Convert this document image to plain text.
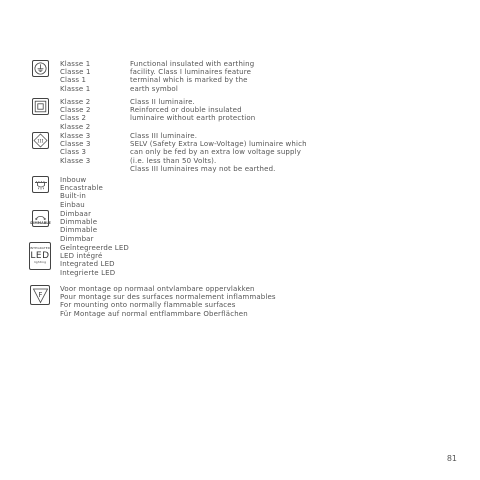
Klasse 1
Classe 1
Class 1
Klasse 1
Functional insulated with earthing
facility. Class I luminaires feature
terminal which is marked by the
earth symbol
Klasse 2
Classe 2
Class 2
Klasse 2
Class II luminaire.
Reinforced or double insulated
luminaire without earth protection
III
Klasse 3
Classe 3
Class 3
Klasse 3
Class III luminaire.
SELV (Safety Extra Low-Voltage) luminaire which
can only be fed by an extra low voltage supply
(i.e. less than 50 Volts).
Class III luminaires may not be earthed.
Inbouw
Encastrable
Built-in
Einbau
DIMMABLE
Dimbaar
Dimmable
Dimmable
Dimmbar
INTEGRATED
LED
lighting
Geïntegreerde LED
LED intégré
Integrated LED
Integrierte LED
F
Voor montage op normaal ontvlambare oppervlakken
Pour montage sur des surfaces normalement inflammables
For mounting onto normally flammable surfaces
Für Montage auf normal entflammbare Oberflächen
81
